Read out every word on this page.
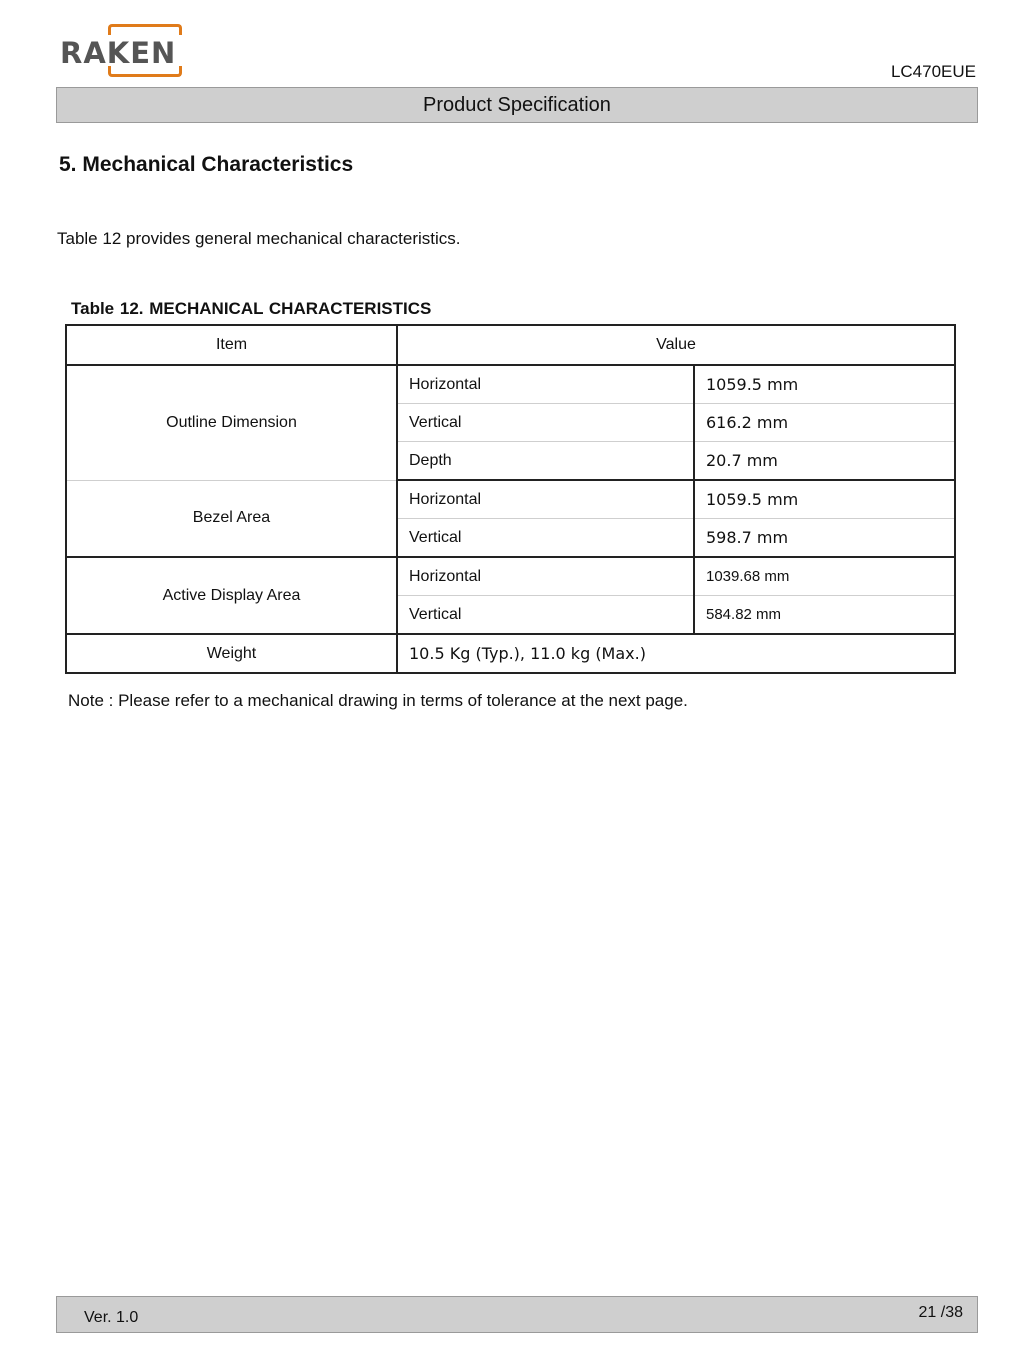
RAKEN
LC470EUE
Product Specification
5. Mechanical Characteristics
Table 12 provides general mechanical characteristics.
Table 12. MECHANICAL CHARACTERISTICS
Item	Value	
Outline Dimension	Horizontal	1059.5 mm
	Vertical	616.2 mm
	Depth	20.7 mm
Bezel Area	Horizontal	1059.5 mm
	Vertical	598.7 mm
Active Display Area	Horizontal	1039.68 mm
	Vertical	584.82 mm
Weight	10.5 Kg (Typ.), 11.0 kg (Max.)	
Note : Please refer to a mechanical drawing in terms of tolerance at the next page.
Ver. 1.0	21 /38
